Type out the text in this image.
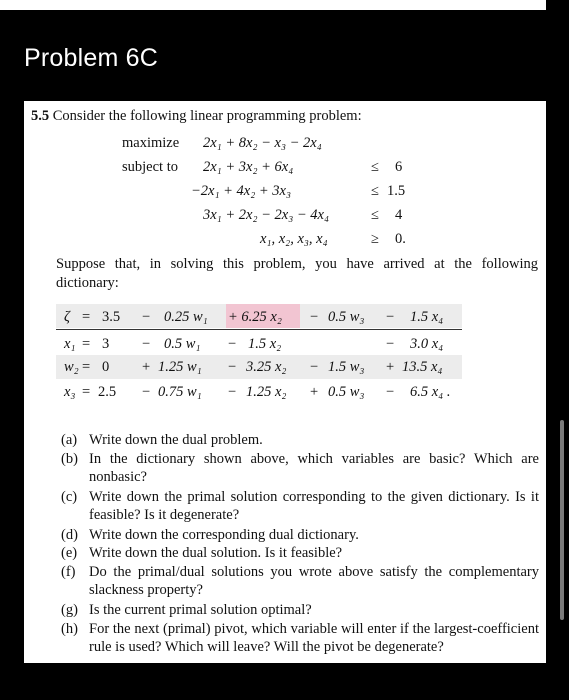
Problem 6C
5.5 Consider the following linear programming problem:
maximize 2x₁ + 8x₂ − x₃ − 2x₄
subject to 2x₁ + 3x₂ + 6x₄	≤ 6
−2x₁ + 4x₂ + 3x₃	≤ 1.5
3x₁ + 2x₂ − 2x₃ − 4x₄	≤ 4
x₁, x₂, x₃, x₄	≥ 0.
Suppose that, in solving this problem, you have arrived at the following dictionary:
ζ = 3.5 − 0.25 w₁ + 6.25 x₂ − 0.5 w₃ − 1.5 x₄
x₁ = 3 − 0.5 w₁ − 1.5 x₂	− 3.0 x₄
w₂ = 0 + 1.25 w₁ − 3.25 x₂ − 1.5 w₃ + 13.5 x₄
x₃ = 2.5 − 0.75 w₁ − 1.25 x₂ + 0.5 w₃ − 6.5 x₄ .
(a) Write down the dual problem.
(b) In the dictionary shown above, which variables are basic? Which are nonbasic?
(c) Write down the primal solution corresponding to the given dictionary. Is it feasible? Is it degenerate?
(d) Write down the corresponding dual dictionary.
(e) Write down the dual solution. Is it feasible?
(f) Do the primal/dual solutions you wrote above satisfy the complementary slackness property?
(g) Is the current primal solution optimal?
(h) For the next (primal) pivot, which variable will enter if the largest-coefficient rule is used? Which will leave? Will the pivot be degenerate?
